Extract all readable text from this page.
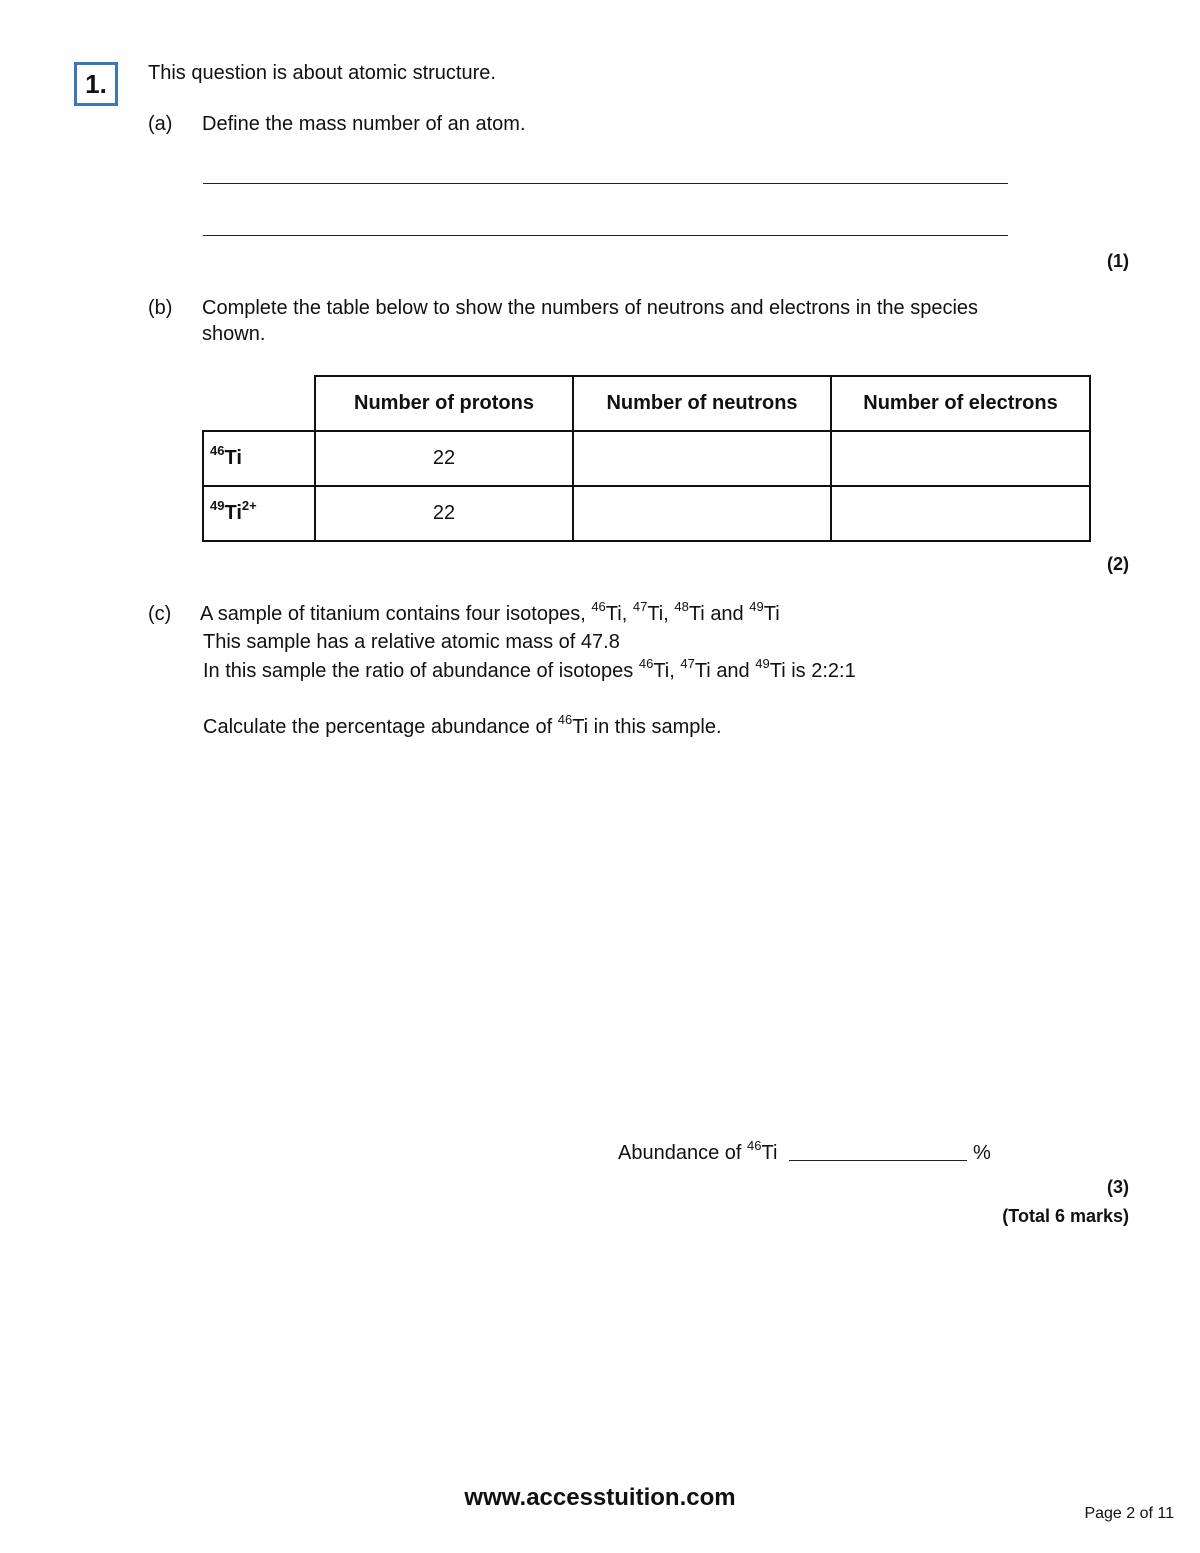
1.	This question is about atomic structure.
(a) Define the mass number of an atom.
(1)
(b) Complete the table below to show the numbers of neutrons and electrons in the species
shown.
	Number of protons	Number of neutrons	Number of electrons
$^{46}$Ti	22		
$^{49}Ti^{2+}$	22		
(2)
(c) A sample of titanium contains four isotopes, $^{46}$Ti, $^{47}$Ti, $^{48}$Ti and $^{49}$Ti
This sample has a relative atomic mass of 47.8
In this sample the ratio of abundance of isotopes $^{46}$Ti, $^{47}$Ti and $^{49}$Ti is 2:2:1
Calculate the percentage abundance of $^{46}$Ti in this sample.
Abundance of $^{46}$Ti	%
(3)
(Total 6 marks)
www.accesstuition.com
Page 2 of 11
